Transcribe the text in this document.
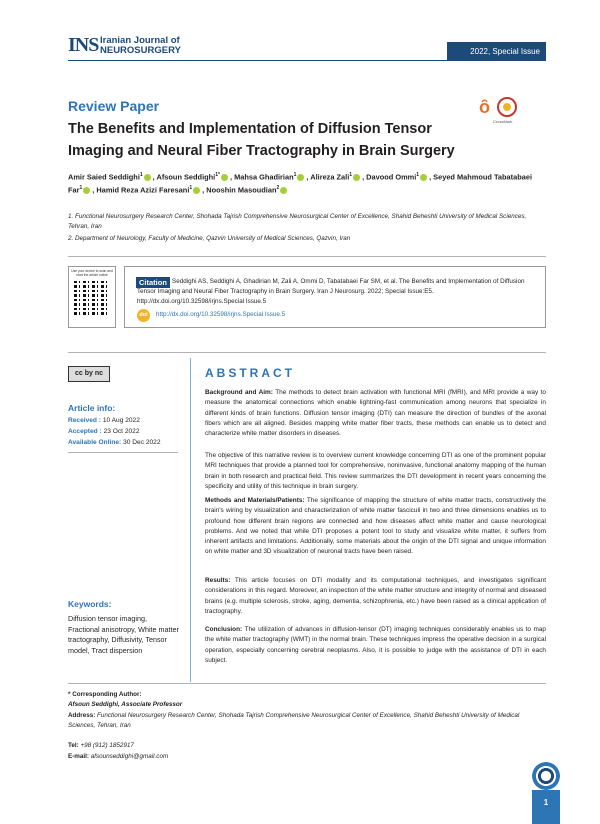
INS Iranian Journal of
NEUROSURGERY	2022, Special Issue
Review Paper
The Benefits and Implementation of Diffusion Tensor Imaging and Neural Fiber Tractography in Brain Surgery
ȏ
CrossMark
Amir Saied Seddighi$^1$ , Afsoun Seddighi$^{1*}$ , Mahsa Ghadirian$^1$ , Alireza Zali$^1$ , Davood Ommi$^1$ , Seyed Mahmoud Tabatabaei Far$^1$ , Hamid Reza Azizi Faresani$^1$ , Nooshin Masoudian$^2$
1. Functional Neurosurgery Research Center, Shohada Tajrish Comprehensive Neurosurgical Center of Excellence, Shahid Beheshti University of Medical Sciences, Tehran, Iran
2. Department of Neurology, Faculty of Medicine, Qazvin University of Medical Sciences, Qazvin, Iran
Use your device to scan and read the article online
Seddighi AS, Seddighi A, Ghadirian M, Zali A, Ommi D, Tabatabaei Far SM, et al. The Benefits and Implementation of Diffusion Tensor Imaging and Neural Fiber Tractography in Brain Surgery. Iran J Neurosurg. 2022; Special Issue:E5. http://dx.doi.org/10.32598/irjns.Special Issue.5
Citation
doi	http://dx.doi.org/10.32598/irjns.Special Issue.5
cc by nc
Article info:
Received : 10 Aug 2022
Accepted : 23 Oct 2022
Available Online: 30 Dec 2022
Keywords:
Diffusion tensor imaging, Fractional anisotropy, White matter tractography, Diffusivity, Tensor model, Tract dispersion
ABSTRACT
Background and Aim: The methods to detect brain activation with functional MRI (fMRI), and MRI provide a way to measure the anatomical connections which enable lightning-fast communication among neurons that specialize in different kinds of brain functions. Diffusion tensor imaging (DTI) can measure the direction of bundles of the axonal fibers which are all aligned. Besides mapping white matter fiber tracts, these methods can enable us to detect and characterize white matter disorders in diseases.
The objective of this narrative review is to overview current knowledge concerning DTI as one of the prominent popular MRI techniques that provide a planned tool for comprehensive, noninvasive, functional anatomy mapping of the human brain in both research and practical field. This review summarizes the DTI development in recent years concerning the specificity and utility of this technique in brain surgery.
Methods and Materials/Patients: The significance of mapping the structure of white matter tracts, constructively the brain's wiring by visualization and characterization of white matter fasciculi in two and three dimensions enables us to profound how different brain regions are connected and how diseases affect white matter and cause neurological problems. And we noted that while DTI proposes a potent tool to study and visualize white matter, it suffers from inherent artifacts and limitations. Additionally, some materials about the origin of the DTI signal and unique information on white matter and 3D visualization of neuronal tracts have been raised.
Results: This article focuses on DTI modality and its computational techniques, and investigates significant considerations in this regard. Moreover, an inspection of the white matter structure and integrity of normal and diseased brains (e.g. multiple sclerosis, stroke, aging, dementia, schizophrenia, etc.) have been raised as a clinical application of tractography.
Conclusion: The utilization of advances in diffusion-tensor (DT) imaging techniques considerably enables us to map the white matter tractography (WMT) in the normal brain. These techniques impress the operative decision in a surgical operation, especially concerning cerebral neoplasms. Also, it is possible to judge with the assistance of DTI in each subject.
* Corresponding Author:
Afsoun Seddighi, Associate Professor
Address: Functional Neurosurgery Research Center, Shohada Tajrish Comprehensive Neurosurgical Center of Excellence, Shahid Beheshti University of Medical Sciences, Tehran, Iran
Tel: +98 (912) 1852917
E-mail: afsounseddighi@gmail.com
1
